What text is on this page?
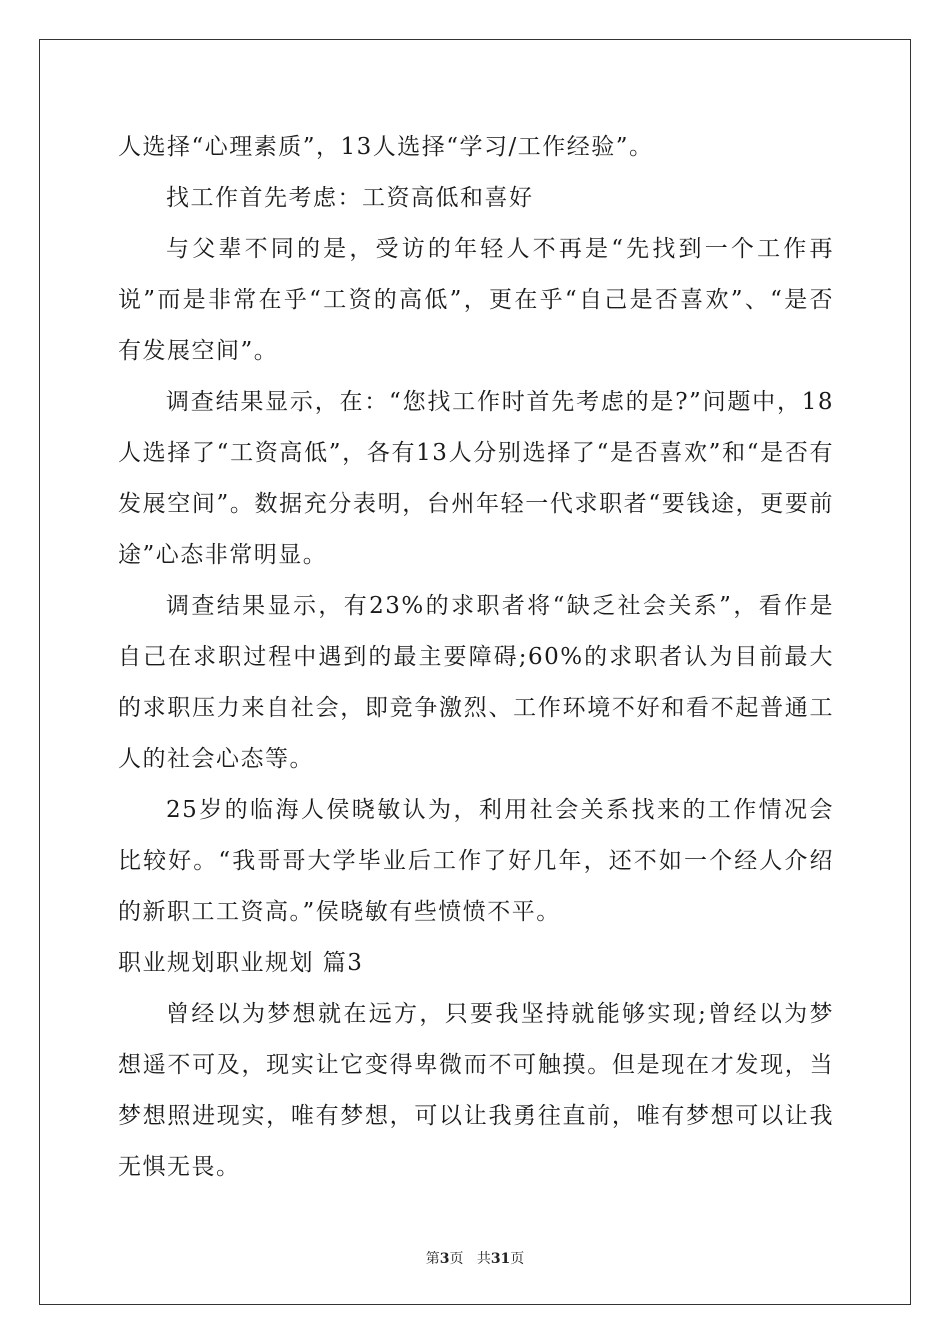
人选择“心理素质”，13人选择“学习/工作经验”。

找工作首先考虑：工资高低和喜好

与父辈不同的是，受访的年轻人不再是“先找到一个工作再说”而是非常在乎“工资的高低”，更在乎“自己是否喜欢”、“是否有发展空间”。

调查结果显示，在：“您找工作时首先考虑的是?”问题中，18人选择了“工资高低”，各有13人分别选择了“是否喜欢”和“是否有发展空间”。数据充分表明，台州年轻一代求职者“要钱途，更要前途”心态非常明显。

调查结果显示，有23%的求职者将“缺乏社会关系”，看作是自己在求职过程中遇到的最主要障碍;60%的求职者认为目前最大的求职压力来自社会，即竞争激烈、工作环境不好和看不起普通工人的社会心态等。

25岁的临海人侯晓敏认为，利用社会关系找来的工作情况会比较好。“我哥哥大学毕业后工作了好几年，还不如一个经人介绍的新职工工资高。”侯晓敏有些愤愤不平。

职业规划职业规划 篇3

曾经以为梦想就在远方，只要我坚持就能够实现;曾经以为梦想遥不可及，现实让它变得卑微而不可触摸。但是现在才发现，当梦想照进现实，唯有梦想，可以让我勇往直前，唯有梦想可以让我无惧无畏。

第3页 共31页
